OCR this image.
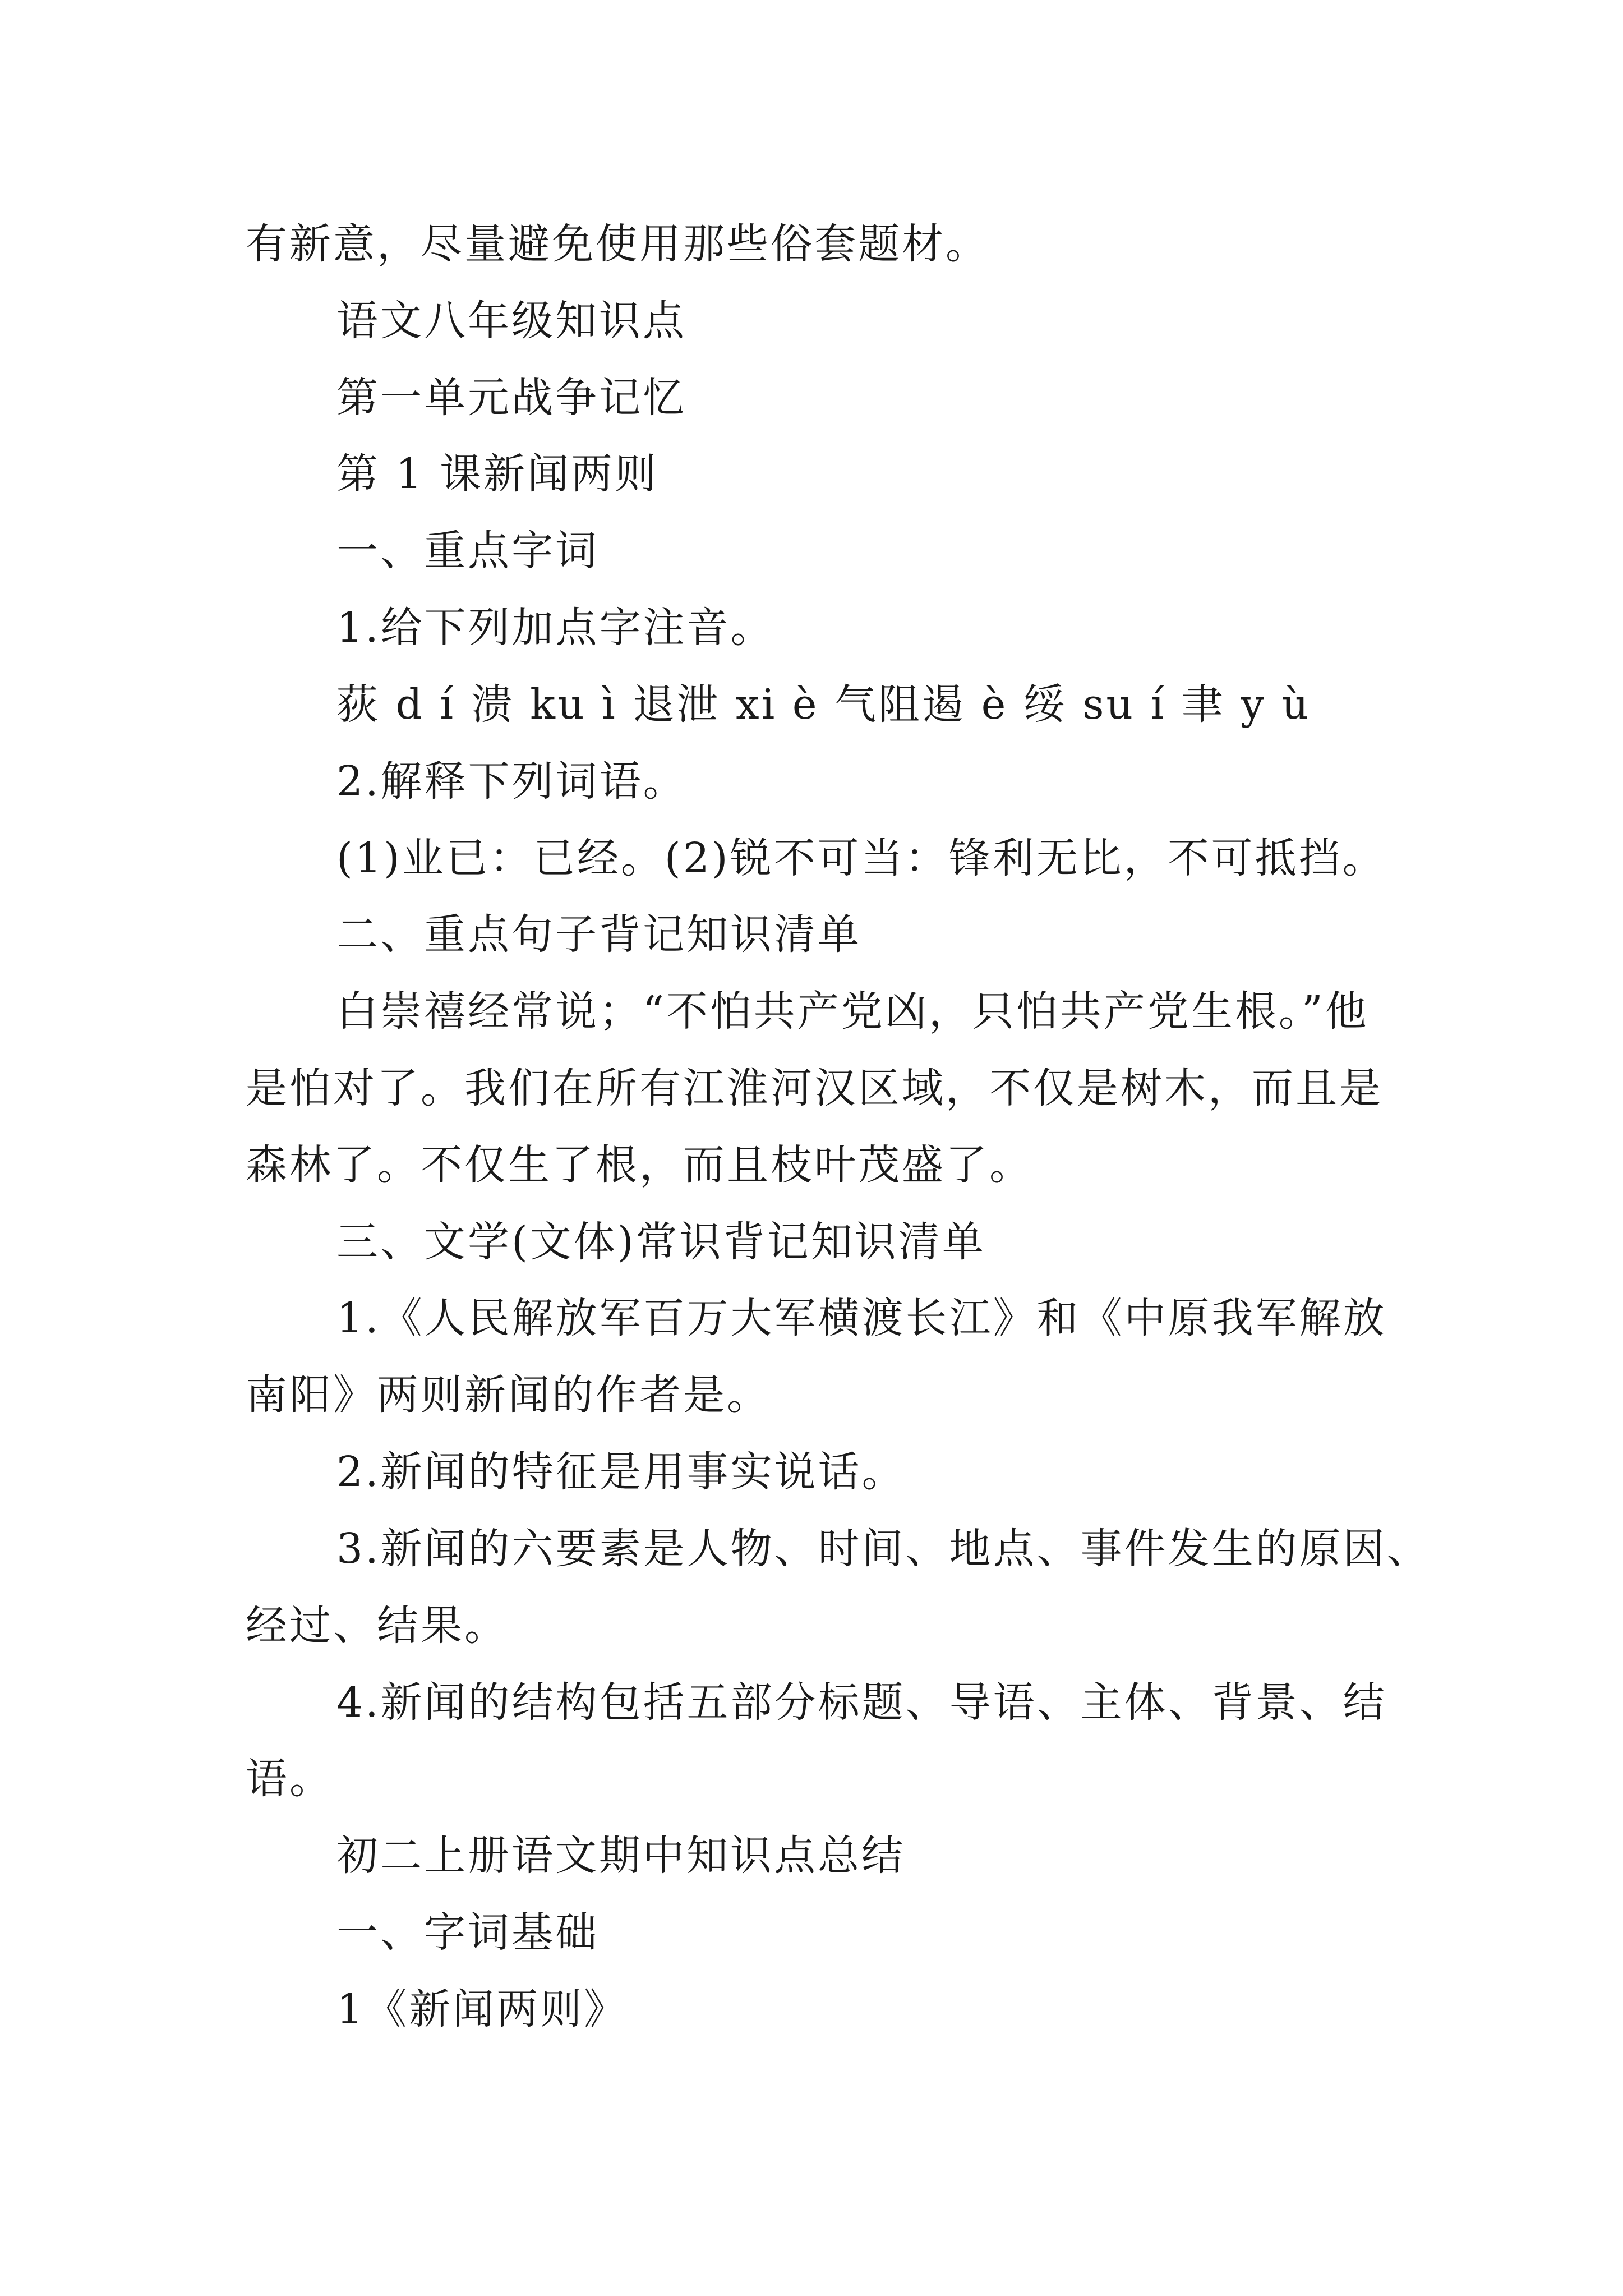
有新意，尽量避免使用那些俗套题材。
语文八年级知识点
第一单元战争记忆
第 1 课新闻两则
一、重点字词
1.给下列加点字注音。
荻 d í 溃 ku ì 退泄 xi è 气阻遏 è 绥 su í 聿 y ù
2.解释下列词语。
(1)业已：已经。(2)锐不可当：锋利无比，不可抵挡。
二、重点句子背记知识清单
白崇禧经常说；“不怕共产党凶，只怕共产党生根。”他
是怕对了。我们在所有江淮河汉区域，不仅是树木，而且是
森林了。不仅生了根，而且枝叶茂盛了。
三、文学(文体)常识背记知识清单
1.《人民解放军百万大军横渡长江》和《中原我军解放
南阳》两则新闻的作者是。
2.新闻的特征是用事实说话。
3.新闻的六要素是人物、时间、地点、事件发生的原因、
经过、结果。
4.新闻的结构包括五部分标题、导语、主体、背景、结
语。
初二上册语文期中知识点总结
一、字词基础
1《新闻两则》
